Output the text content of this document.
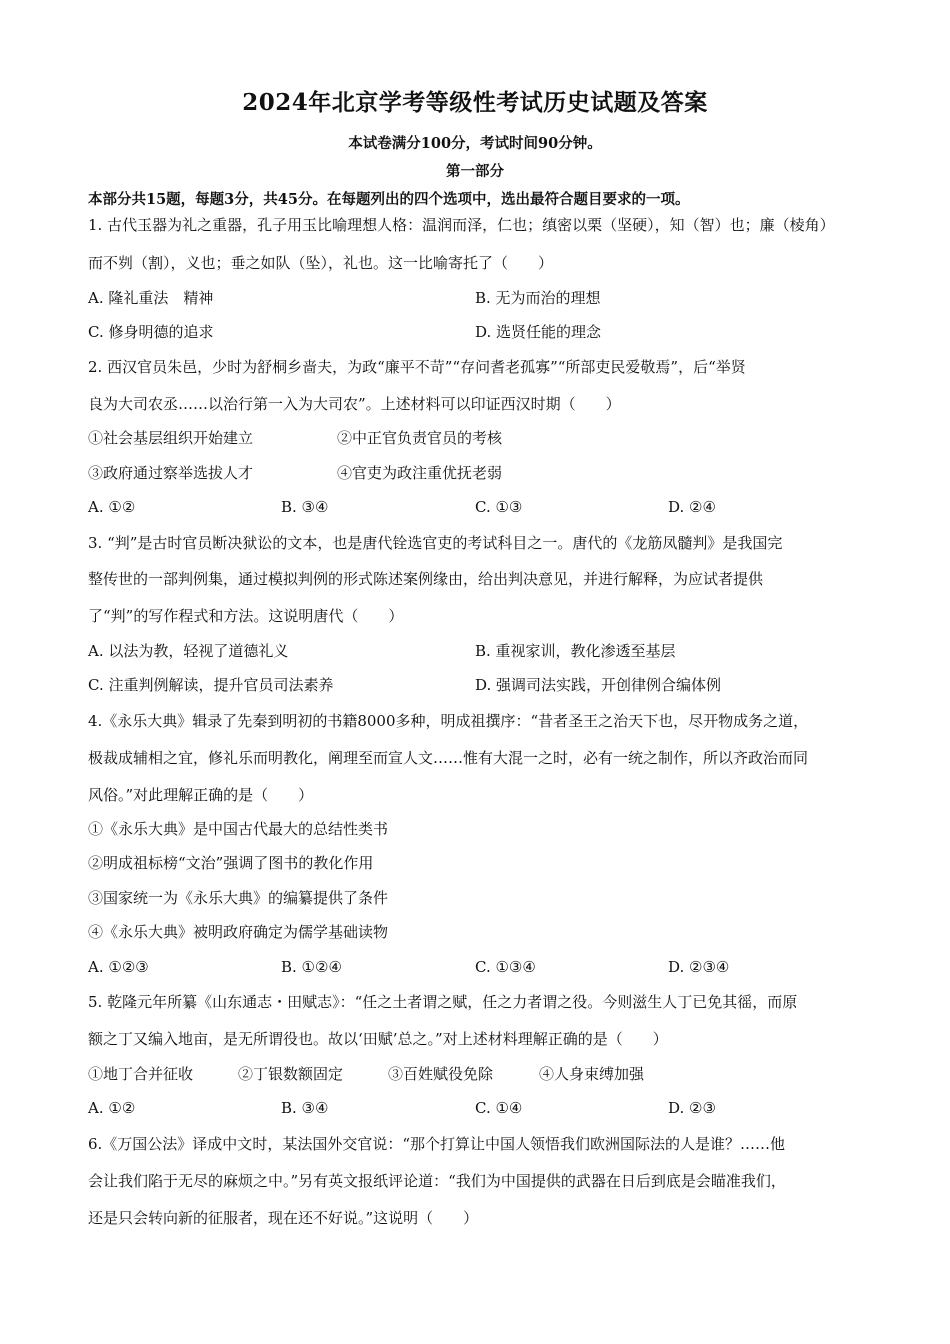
2024年北京学考等级性考试历史试题及答案
本试卷满分100分，考试时间90分钟。
第一部分
本部分共15题，每题3分，共45分。在每题列出的四个选项中，选出最符合题目要求的一项。
1. 古代玉器为礼之重器，孔子用玉比喻理想人格：温润而泽，仁也；缜密以栗（坚硬），知（智）也；廉（棱角）
而不刿（割），义也；垂之如队（坠），礼也。这一比喻寄托了（　　）
A. 隆礼重法　精神	B. 无为而治的理想
C. 修身明德的追求	D. 选贤任能的理念
2. 西汉官员朱邑，少时为舒桐乡啬夫，为政“廉平不苛”“存问耆老孤寡”“所部吏民爱敬焉”，后“举贤
良为大司农丞……以治行第一入为大司农”。上述材料可以印证西汉时期（　　）
①社会基层组织开始建立	②中正官负责官员的考核
③政府通过察举选拔人才	④官吏为政注重优抚老弱
A. ①②	B. ③④	C. ①③	D. ②④
3. “判”是古时官员断决狱讼的文本，也是唐代铨选官吏的考试科目之一。唐代的《龙筋凤髓判》是我国完
整传世的一部判例集，通过模拟判例的形式陈述案例缘由，给出判决意见，并进行解释，为应试者提供
了“判”的写作程式和方法。这说明唐代（　　）
A. 以法为教，轻视了道德礼义	B. 重视家训，教化渗透至基层
C. 注重判例解读，提升官员司法素养	D. 强调司法实践，开创律例合编体例
4.《永乐大典》辑录了先秦到明初的书籍8000多种，明成祖撰序：“昔者圣王之治天下也，尽开物成务之道，
极裁成辅相之宜，修礼乐而明教化，阐理至而宣人文……惟有大混一之时，必有一统之制作，所以齐政治而同
风俗。”对此理解正确的是（　　）
①《永乐大典》是中国古代最大的总结性类书
②明成祖标榜“文治”强调了图书的教化作用
③国家统一为《永乐大典》的编纂提供了条件
④《永乐大典》被明政府确定为儒学基础读物
A. ①②③	B. ①②④	C. ①③④	D. ②③④
5. 乾隆元年所纂《山东通志・田赋志》：“任之土者谓之赋，任之力者谓之役。今则滋生人丁已免其徭，而原
额之丁又编入地亩，是无所谓役也。故以‘田赋’总之。”对上述材料理解正确的是（　　）
①地丁合并征收	②丁银数额固定	③百姓赋役免除	④人身束缚加强
A. ①②	B. ③④	C. ①④	D. ②③
6.《万国公法》译成中文时，某法国外交官说：“那个打算让中国人领悟我们欧洲国际法的人是谁？……他
会让我们陷于无尽的麻烦之中。”另有英文报纸评论道：“我们为中国提供的武器在日后到底是会瞄准我们，
还是只会转向新的征服者，现在还不好说。”这说明（　　）
